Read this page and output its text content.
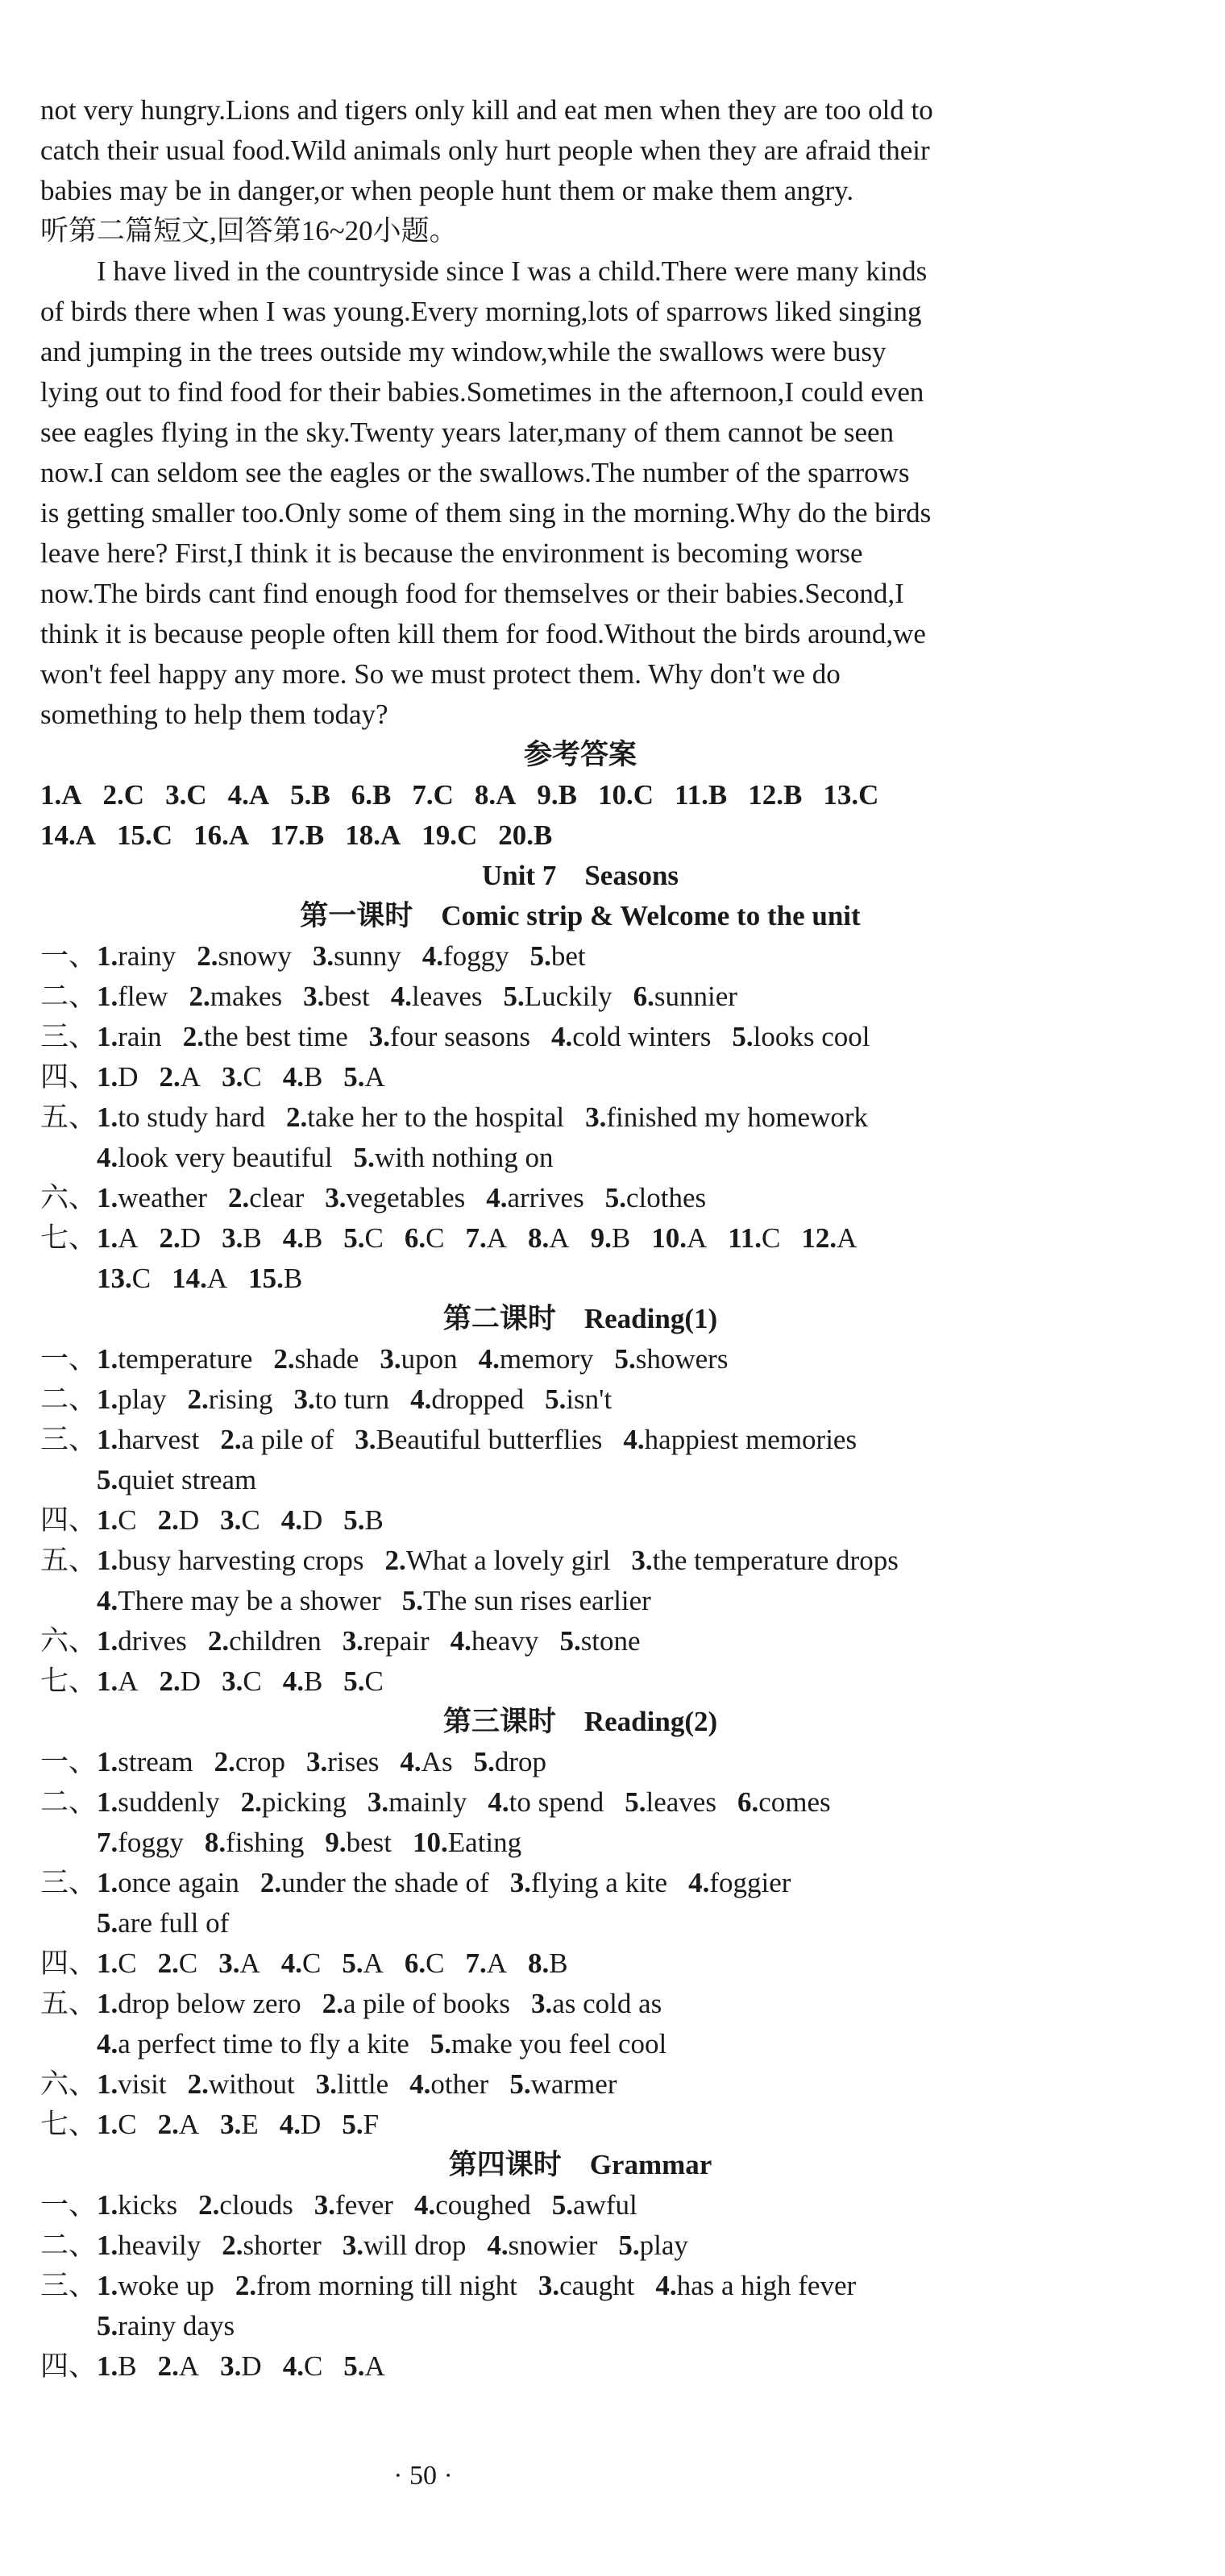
not very hungry.Lions and tigers only kill and eat men when they are too old to

catch their usual food.Wild animals only hurt people when they are afraid their

babies may be in danger,or when people hunt them or make them angry.

听第二篇短文,回答第16~20小题。

I have lived in the countryside since I was a child.There were many kinds

of birds there when I was young.Every morning,lots of sparrows liked singing

and jumping in the trees outside my window,while the swallows were busy

lying out to find food for their babies.Sometimes in the afternoon,I could even

see eagles flying in the sky.Twenty years later,many of them cannot be seen

now.I can seldom see the eagles or the swallows.The number of the sparrows

is getting smaller too.Only some of them sing in the morning.Why do the birds

leave here? First,I think it is because the environment is becoming worse

now.The birds cant find enough food for themselves or their babies.Second,I

think it is because people often kill them for food.Without the birds around,we

won't feel happy any more. So we must protect them. Why don't we do

something to help them today?

参考答案

1.A 2.C 3.C 4.A 5.B 6.B 7.C 8.A 9.B 10.C 11.B 12.B 13.C
14.A 15.C 16.A 17.B 18.A 19.C 20.B

Unit 7    Seasons

第一课时    Comic strip & Welcome to the unit

一、1.rainy 2.snowy 3.sunny 4.foggy 5.bet
二、1.flew 2.makes 3.best 4.leaves 5.Luckily 6.sunnier
三、1.rain 2.the best time 3.four seasons 4.cold winters 5.looks cool
四、1.D 2.A 3.C 4.B 5.A
五、1.to study hard 2.take her to the hospital 3.finished my homework
4.look very beautiful 5.with nothing on
六、1.weather 2.clear 3.vegetables 4.arrives 5.clothes
七、1.A 2.D 3.B 4.B 5.C 6.C 7.A 8.A 9.B 10.A 11.C 12.A
13.C 14.A 15.B

第二课时    Reading(1)

一、1.temperature 2.shade 3.upon 4.memory 5.showers
二、1.play 2.rising 3.to turn 4.dropped 5.isn't
三、1.harvest 2.a pile of 3.Beautiful butterflies 4.happiest memories
5.quiet stream
四、1.C 2.D 3.C 4.D 5.B
五、1.busy harvesting crops 2.What a lovely girl 3.the temperature drops
4.There may be a shower 5.The sun rises earlier
六、1.drives 2.children 3.repair 4.heavy 5.stone
七、1.A 2.D 3.C 4.B 5.C

第三课时    Reading(2)

一、1.stream 2.crop 3.rises 4.As 5.drop
二、1.suddenly 2.picking 3.mainly 4.to spend 5.leaves 6.comes
7.foggy 8.fishing 9.best 10.Eating
三、1.once again 2.under the shade of 3.flying a kite 4.foggier
5.are full of
四、1.C 2.C 3.A 4.C 5.A 6.C 7.A 8.B
五、1.drop below zero 2.a pile of books 3.as cold as
4.a perfect time to fly a kite 5.make you feel cool
六、1.visit 2.without 3.little 4.other 5.warmer
七、1.C 2.A 3.E 4.D 5.F

第四课时    Grammar

一、1.kicks 2.clouds 3.fever 4.coughed 5.awful
二、1.heavily 2.shorter 3.will drop 4.snowier 5.play
三、1.woke up 2.from morning till night 3.caught 4.has a high fever
5.rainy days
四、1.B 2.A 3.D 4.C 5.A
· 50 ·
